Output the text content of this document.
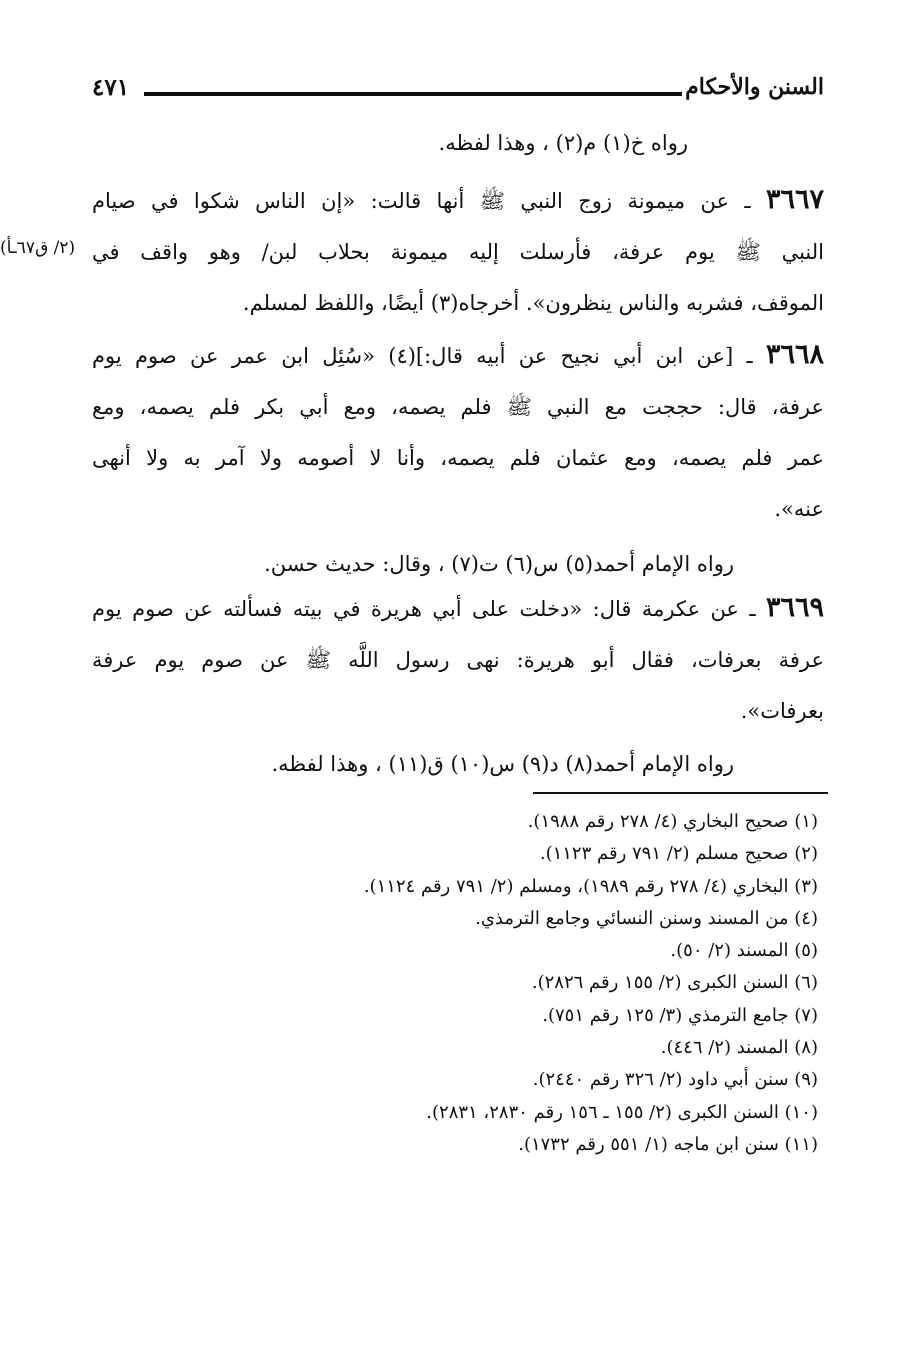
السنن والأحكام
٤٧١
(٢/ ق٦٧ـأ)
رواه خ(١) م(٢) ، وهذا لفظه.
٣٦٦٧ ـ عن ميمونة زوج النبي ﷺ أنها قالت: «إن الناس شكوا في صيام
النبي ﷺ يوم عرفة، فأرسلت إليه ميمونة بحلاب لبن/ وهو واقف في
الموقف، فشربه والناس ينظرون». أخرجاه(٣) أيضًا، واللفظ لمسلم.
٣٦٦٨ ـ [عن ابن أبي نجيح عن أبيه قال:](٤) «سُئِل ابن عمر عن صوم يوم
عرفة، قال: حججت مع النبي ﷺ فلم يصمه، ومع أبي بكر فلم يصمه، ومع
عمر فلم يصمه، ومع عثمان فلم يصمه، وأنا لا أصومه ولا آمر به ولا أنهى
عنه».
رواه الإمام أحمد(٥) س(٦) ت(٧) ، وقال: حديث حسن.
٣٦٦٩ ـ عن عكرمة قال: «دخلت على أبي هريرة في بيته فسألته عن صوم يوم
عرفة بعرفات، فقال أبو هريرة: نهى رسول اللَّه ﷺ عن صوم يوم عرفة
بعرفات».
رواه الإمام أحمد(٨) د(٩) س(١٠) ق(١١) ، وهذا لفظه.
(١) صحيح البخاري (٤/ ٢٧٨ رقم ١٩٨٨).
(٢) صحيح مسلم (٢/ ٧٩١ رقم ١١٢٣).
(٣) البخاري (٤/ ٢٧٨ رقم ١٩٨٩)، ومسلم (٢/ ٧٩١ رقم ١١٢٤).
(٤) من المسند وسنن النسائي وجامع الترمذي.
(٥) المسند (٢/ ٥٠).
(٦) السنن الكبرى (٢/ ١٥٥ رقم ٢٨٢٦).
(٧) جامع الترمذي (٣/ ١٢٥ رقم ٧٥١).
(٨) المسند (٢/ ٤٤٦).
(٩) سنن أبي داود (٢/ ٣٢٦ رقم ٢٤٤٠).
(١٠) السنن الكبرى (٢/ ١٥٥ ـ ١٥٦ رقم ٢٨٣٠، ٢٨٣١).
(١١) سنن ابن ماجه (١/ ٥٥١ رقم ١٧٣٢).
